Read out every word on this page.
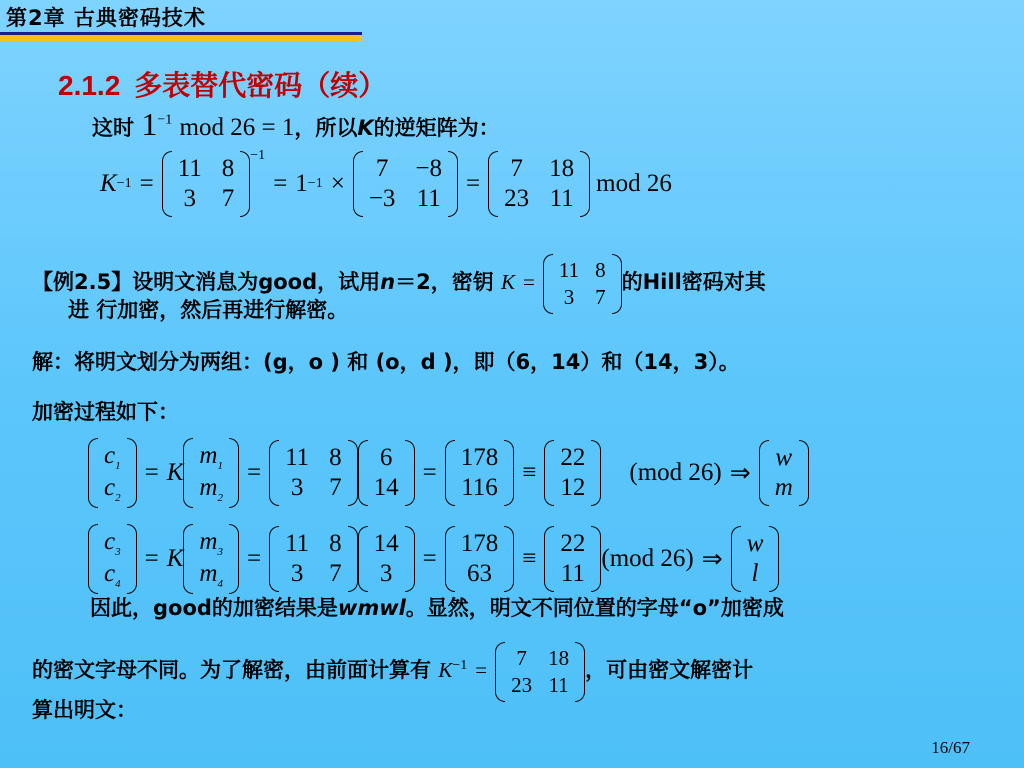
第2章 古典密码技术
2.1.2 多表替代密码（续）
这时 $1^{-1}$ mod 26 = 1，所以K的逆矩阵为：
K −1 =
11 8
3 7
−1
= 1 −1 ×
7 −8
−3 11
=
7 18
23 11
mod 26
【例2.5】设明文消息为good，试用n＝2，密钥 K = 11 8
3 7
的Hill密码对其
进 行加密，然后再进行解密。
解：将明文划分为两组：(g，o ) 和 (o，d )，即（6，14）和（14，3）。
加密过程如下：
$c_1$
$c_2$
= K
$m_1$
$m_2$
=
11 8
3 7
6
14
=
178
116
≡
22
12
(mod 26) ⇒
w
m
$c_3$
$c_4$
= K
$m_3$
$m_4$
=
11 8
3 7
14
3
=
178
63
≡
22
11
(mod 26) ⇒
w
l
因此，good的加密结果是wmwl。显然，明文不同位置的字母“o”加密成
的密文字母不同。为了解密，由前面计算有 $K^{-1} = 7$ 18
23 11
，可由密文解密计
算出明文：
16/67
